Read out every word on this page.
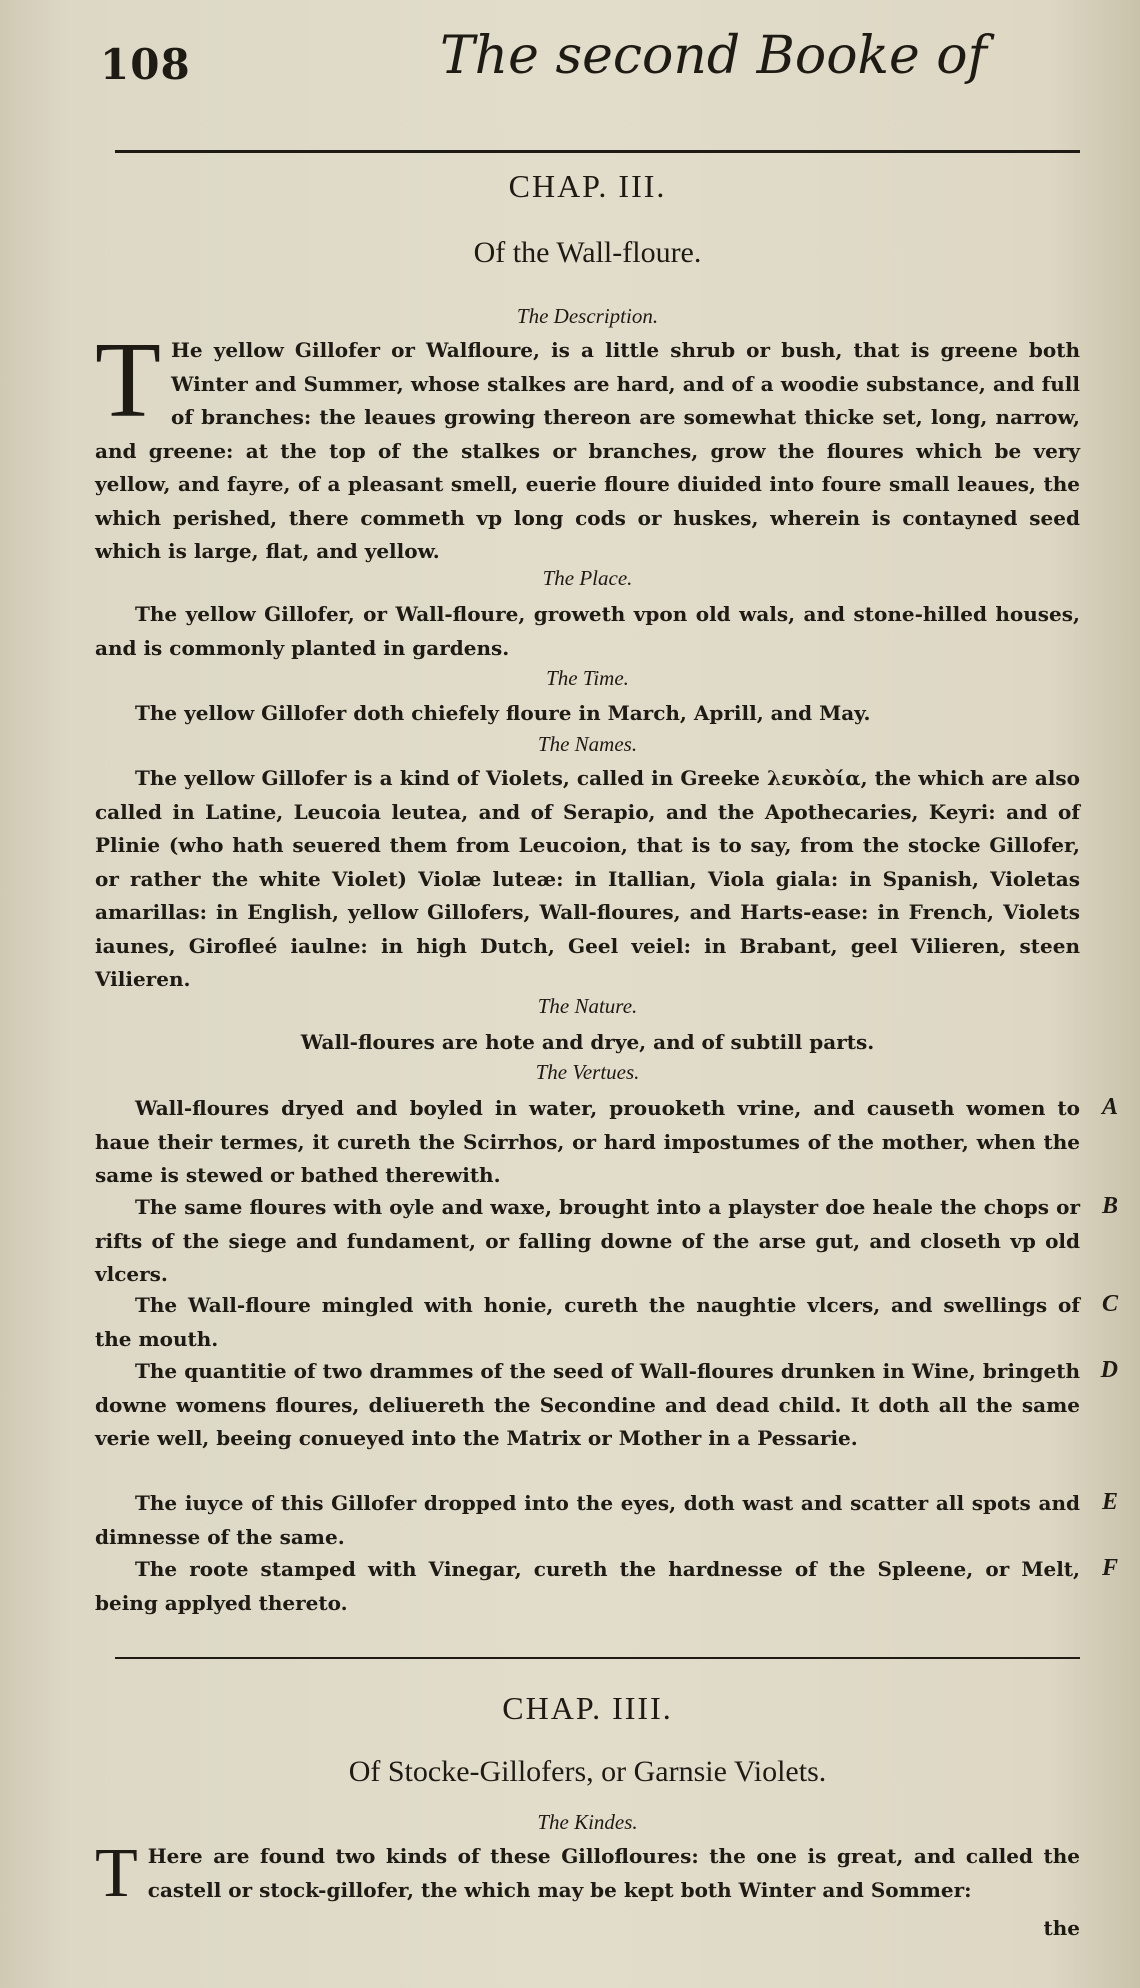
108	The second Booke of
CHAP. III.
Of the Wall-floure.
The Description.
T He yellow Gillofer or Walfloure, is a little shrub or bush, that is greene both Winter and Summer, whose stalkes are hard, and of a woodie substance, and full of branches: the leaues growing thereon are somewhat thicke set, long, narrow, and greene: at the top of the stalkes or branches, grow the floures which be very yellow, and fayre, of a pleasant smell, euerie floure diuided into foure small leaues, the which perished, there commeth vp long cods or huskes, wherein is contayned seed which is large, flat, and yellow.
The Place.
The yellow Gillofer, or Wall-floure, groweth vpon old wals, and stone-hilled houses, and is commonly planted in gardens.
The Time.
The yellow Gillofer doth chiefely floure in March, Aprill, and May.
The Names.
The yellow Gillofer is a kind of Violets, called in Greeke λευκὸία, the which are also called in Latine, Leucoia leutea, and of Serapio, and the Apothecaries, Keyri: and of Plinie (who hath seuered them from Leucoion, that is to say, from the stocke Gillofer, or rather the white Violet) Violæ luteæ: in Itallian, Viola giala: in Spanish, Violetas amarillas: in English, yellow Gillofers, Wall-floures, and Harts-ease: in French, Violets iaunes, Girofleé iaulne: in high Dutch, Geel veiel: in Brabant, geel Vilieren, steen Vilieren.
The Nature.
Wall-floures are hote and drye, and of subtill parts.
The Vertues.
Wall-floures dryed and boyled in water, prouoketh vrine, and causeth women to haue their termes, it cureth the Scirrhos, or hard impostumes of the mother, when the same is stewed or bathed therewith.
A
The same floures with oyle and waxe, brought into a playster doe heale the chops or rifts of the siege and fundament, or falling downe of the arse gut, and closeth vp old vlcers.
B
The Wall-floure mingled with honie, cureth the naughtie vlcers, and swellings of the mouth.
C
The quantitie of two drammes of the seed of Wall-floures drunken in Wine, bringeth downe womens floures, deliuereth the Secondine and dead child. It doth all the same verie well, beeing conueyed into the Matrix or Mother in a Pessarie.
D
The iuyce of this Gillofer dropped into the eyes, doth wast and scatter all spots and dimnesse of the same.
E
The roote stamped with Vinegar, cureth the hardnesse of the Spleene, or Melt, being applyed thereto.
F
CHAP. IIII.
Of Stocke-Gillofers, or Garnsie Violets.
The Kindes.
T Here are found two kinds of these Gillofloures: the one is great, and called the castell or stock-gillofer, the which may be kept both Winter and Sommer:
the
